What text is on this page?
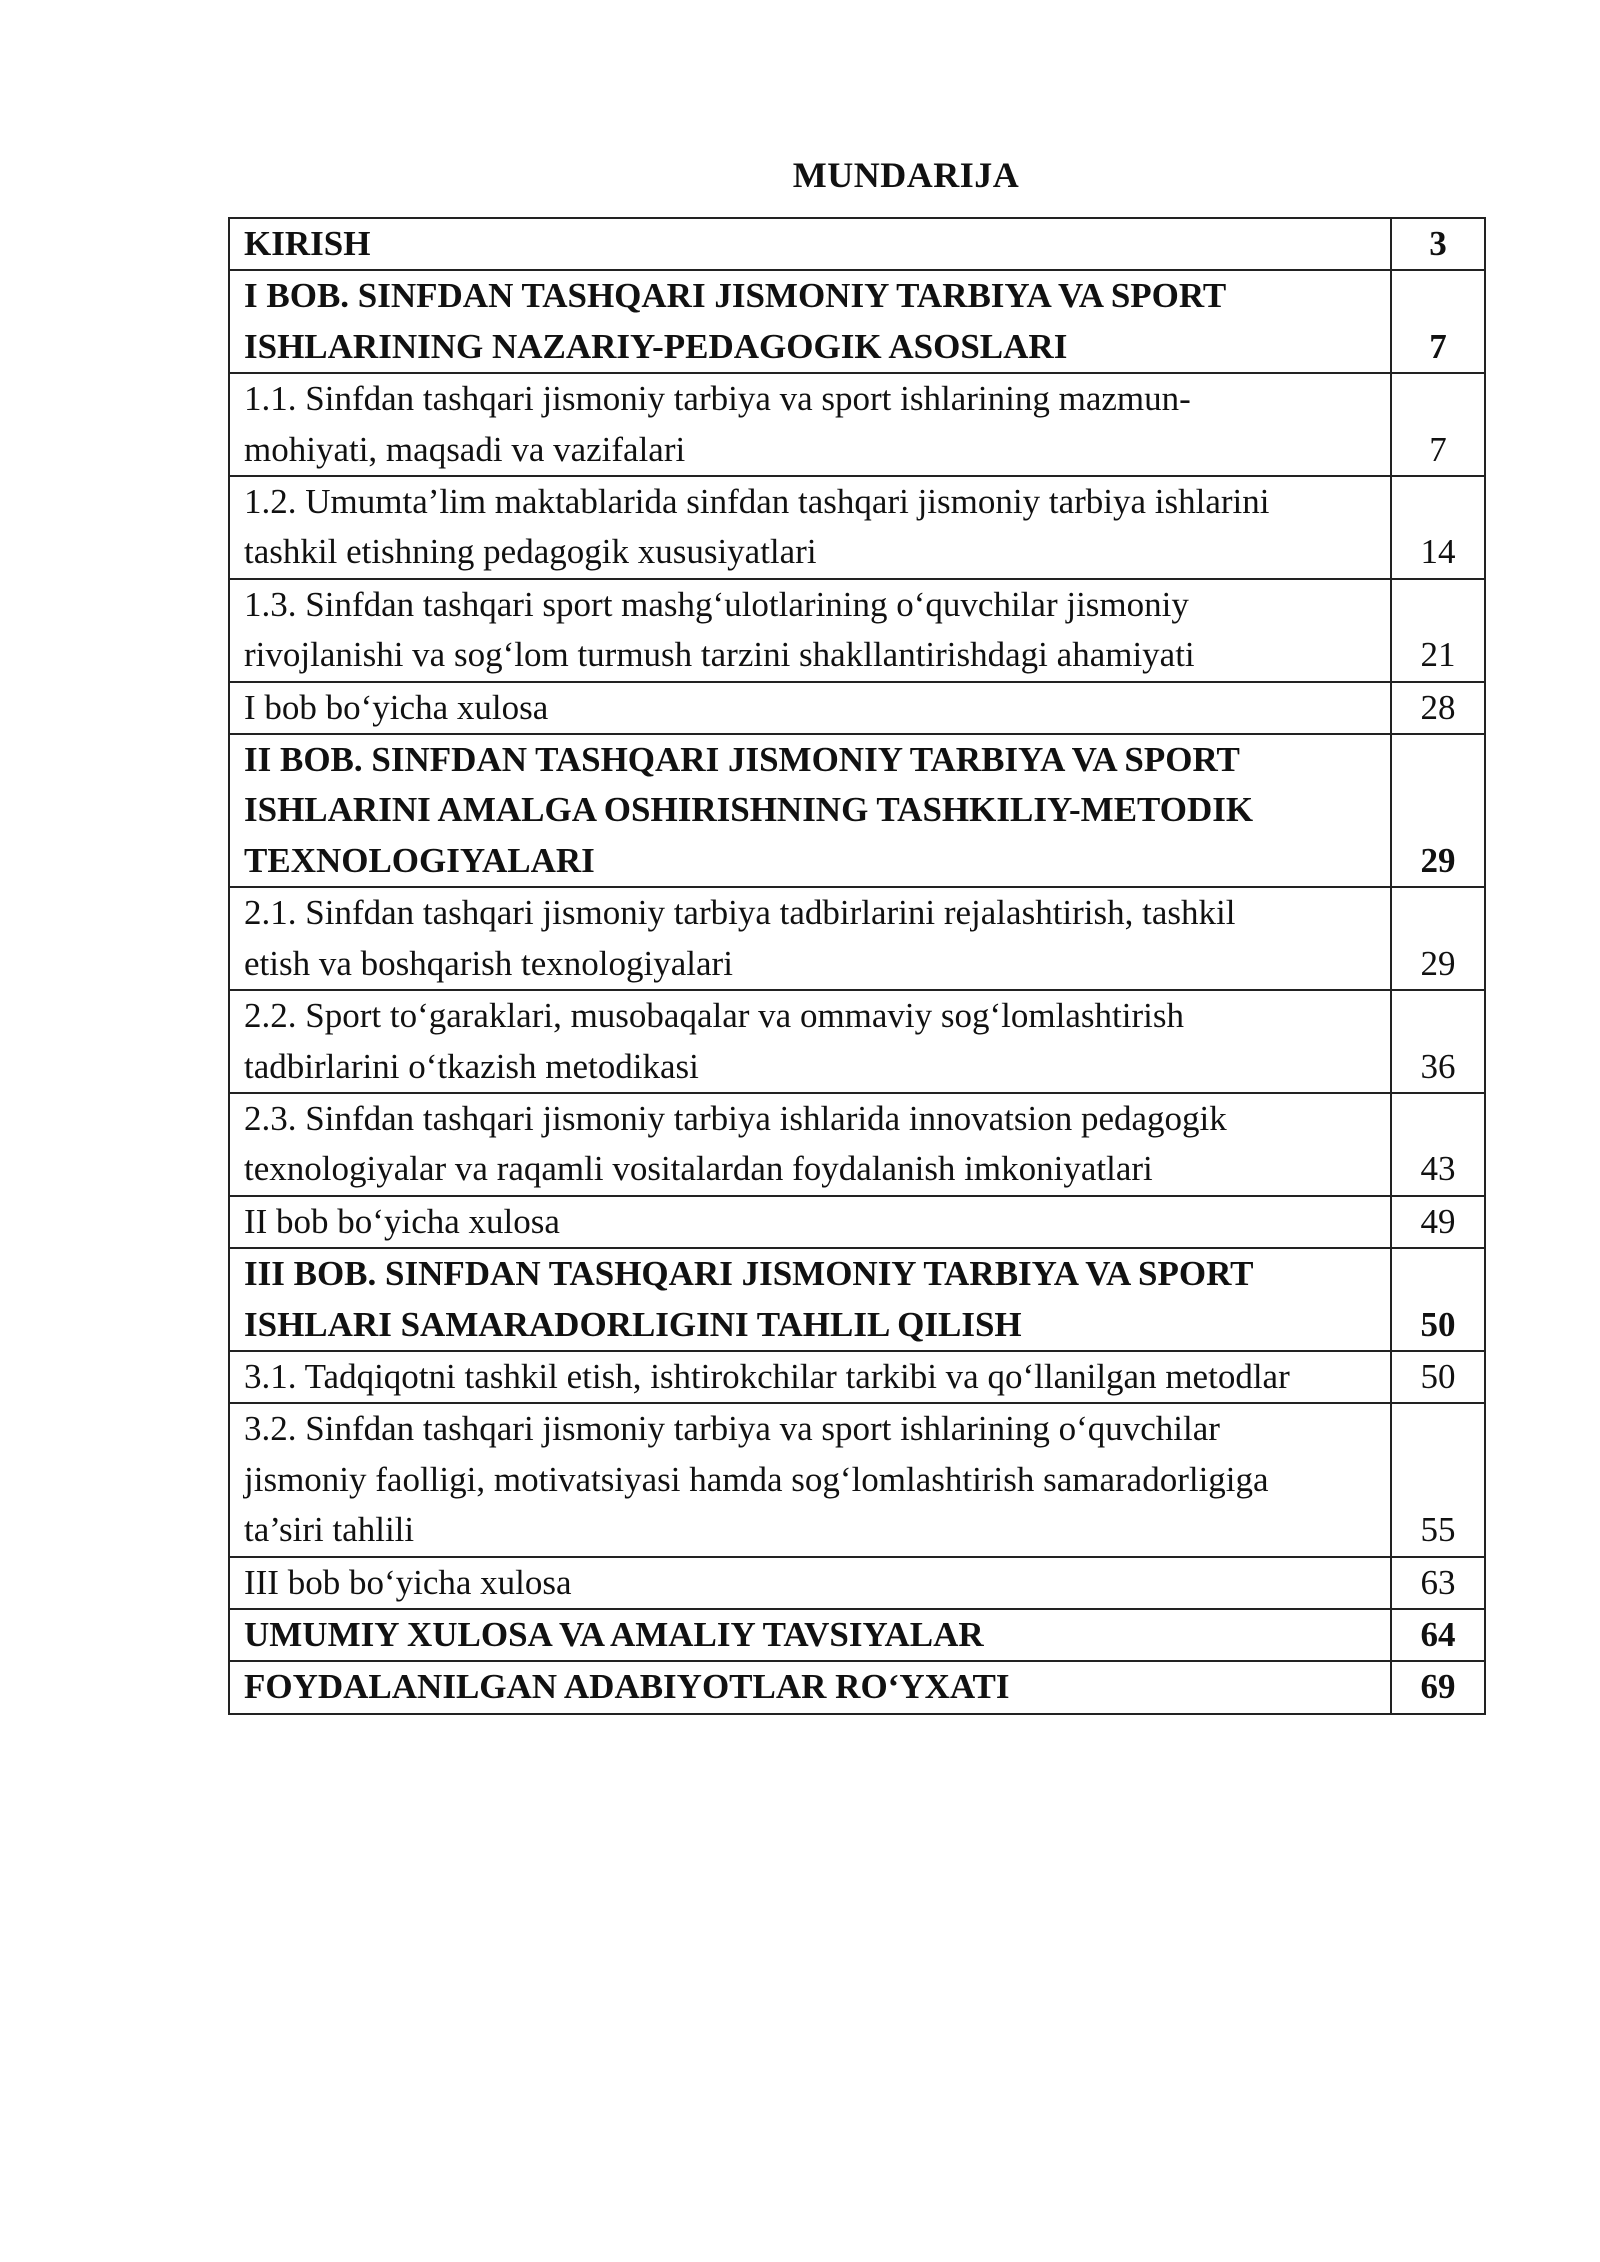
MUNDARIJA
KIRISH	3

I BOB. SINFDAN TASHQARI JISMONIY TARBIYA VA SPORT
ISHLARINING NAZARIY-PEDAGOGIK ASOSLARI	7

1.1. Sinfdan tashqari jismoniy tarbiya va sport ishlarining mazmun-
mohiyati, maqsadi va vazifalari	7

1.2. Umumta’lim maktablarida sinfdan tashqari jismoniy tarbiya ishlarini
tashkil etishning pedagogik xususiyatlari	14

1.3. Sinfdan tashqari sport mashg‘ulotlarining o‘quvchilar jismoniy
rivojlanishi va sog‘lom turmush tarzini shakllantirishdagi ahamiyati	21

I bob bo‘yicha xulosa	28

II BOB. SINFDAN TASHQARI JISMONIY TARBIYA VA SPORT
ISHLARINI AMALGA OSHIRISHNING TASHKILIY-METODIK
TEXNOLOGIYALARI	29

2.1. Sinfdan tashqari jismoniy tarbiya tadbirlarini rejalashtirish, tashkil
etish va boshqarish texnologiyalari	29

2.2. Sport to‘garaklari, musobaqalar va ommaviy sog‘lomlashtirish
tadbirlarini o‘tkazish metodikasi	36

2.3. Sinfdan tashqari jismoniy tarbiya ishlarida innovatsion pedagogik
texnologiyalar va raqamli vositalardan foydalanish imkoniyatlari	43

II bob bo‘yicha xulosa	49

III BOB. SINFDAN TASHQARI JISMONIY TARBIYA VA SPORT
ISHLARI SAMARADORLIGINI TAHLIL QILISH	50

3.1. Tadqiqotni tashkil etish, ishtirokchilar tarkibi va qo‘llanilgan metodlar	50

3.2. Sinfdan tashqari jismoniy tarbiya va sport ishlarining o‘quvchilar
jismoniy faolligi, motivatsiyasi hamda sog‘lomlashtirish samaradorligiga
ta’siri tahlili	55

III bob bo‘yicha xulosa	63

UMUMIY XULOSA VA AMALIY TAVSIYALAR	64

FOYDALANILGAN ADABIYOTLAR RO‘YXATI	69
